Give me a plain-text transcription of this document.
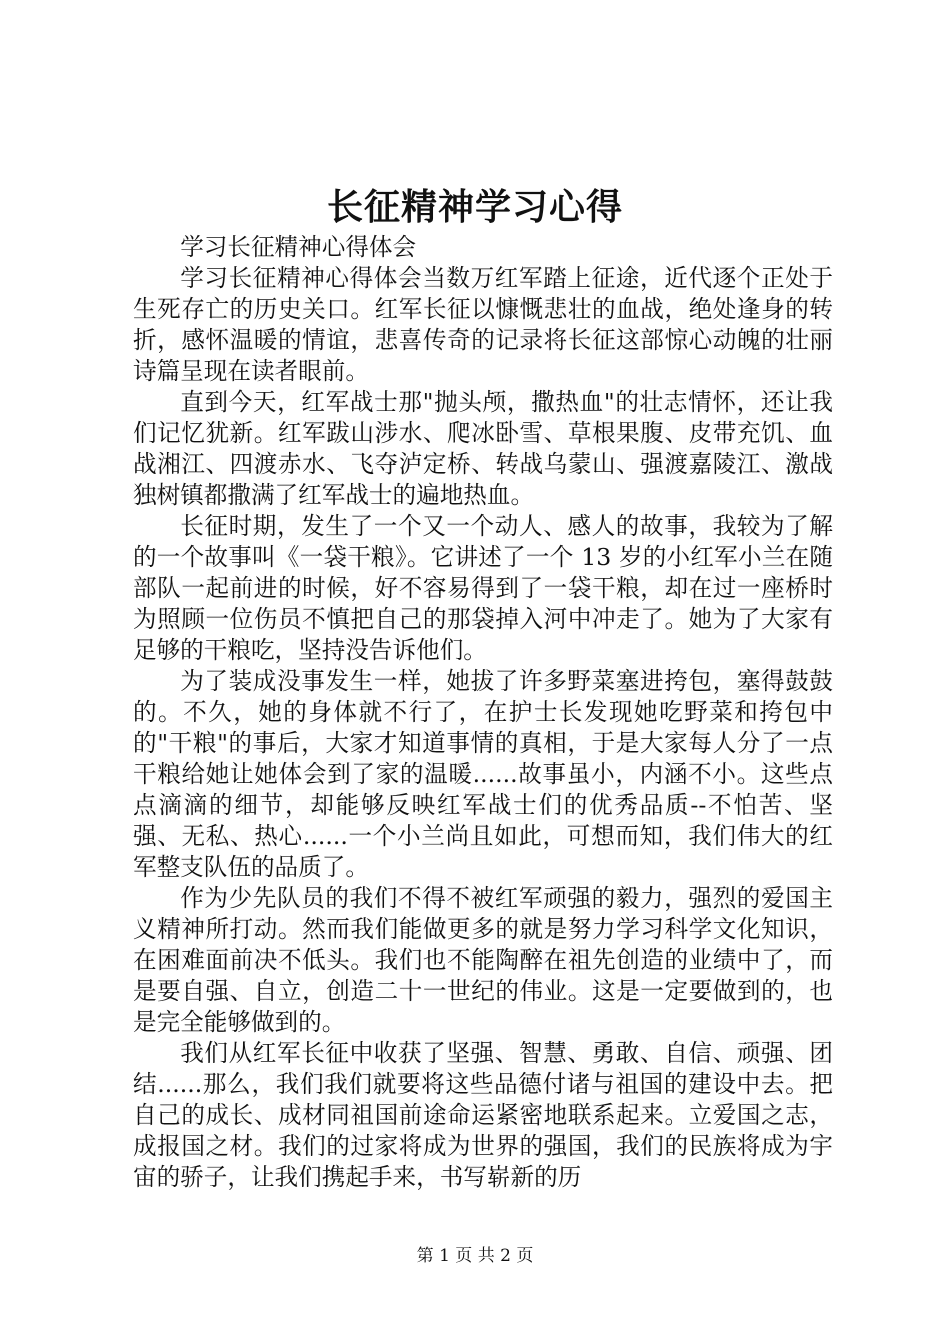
长征精神学习心得

学习长征精神心得体会

学习长征精神心得体会当数万红军踏上征途，近代逐个正处于生死存亡的历史关口。红军长征以慷慨悲壮的血战，绝处逢身的转折，感怀温暖的情谊，悲喜传奇的记录将长征这部惊心动魄的壮丽诗篇呈现在读者眼前。

直到今天，红军战士那"抛头颅，撒热血"的壮志情怀，还让我们记忆犹新。红军跋山涉水、爬冰卧雪、草根果腹、皮带充饥、血战湘江、四渡赤水、飞夺泸定桥、转战乌蒙山、强渡嘉陵江、激战独树镇都撒满了红军战士的遍地热血。

长征时期，发生了一个又一个动人、感人的故事，我较为了解的一个故事叫《一袋干粮》。它讲述了一个 13 岁的小红军小兰在随部队一起前进的时候，好不容易得到了一袋干粮，却在过一座桥时为照顾一位伤员不慎把自己的那袋掉入河中冲走了。她为了大家有足够的干粮吃，坚持没告诉他们。

为了装成没事发生一样，她拔了许多野菜塞进挎包，塞得鼓鼓的。不久，她的身体就不行了，在护士长发现她吃野菜和挎包中的"干粮"的事后，大家才知道事情的真相，于是大家每人分了一点干粮给她让她体会到了家的温暖......故事虽小，内涵不小。这些点点滴滴的细节，却能够反映红军战士们的优秀品质--不怕苦、坚强、无私、热心......一个小兰尚且如此，可想而知，我们伟大的红军整支队伍的品质了。

作为少先队员的我们不得不被红军顽强的毅力，强烈的爱国主义精神所打动。然而我们能做更多的就是努力学习科学文化知识，在困难面前决不低头。我们也不能陶醉在祖先创造的业绩中了，而是要自强、自立，创造二十一世纪的伟业。这是一定要做到的，也是完全能够做到的。

我们从红军长征中收获了坚强、智慧、勇敢、自信、顽强、团结......那么，我们我们就要将这些品德付诸与祖国的建设中去。把自己的成长、成材同祖国前途命运紧密地联系起来。立爱国之志，成报国之材。我们的过家将成为世界的强国，我们的民族将成为宇宙的骄子，让我们携起手来，书写崭新的历

第 1 页 共 2 页
